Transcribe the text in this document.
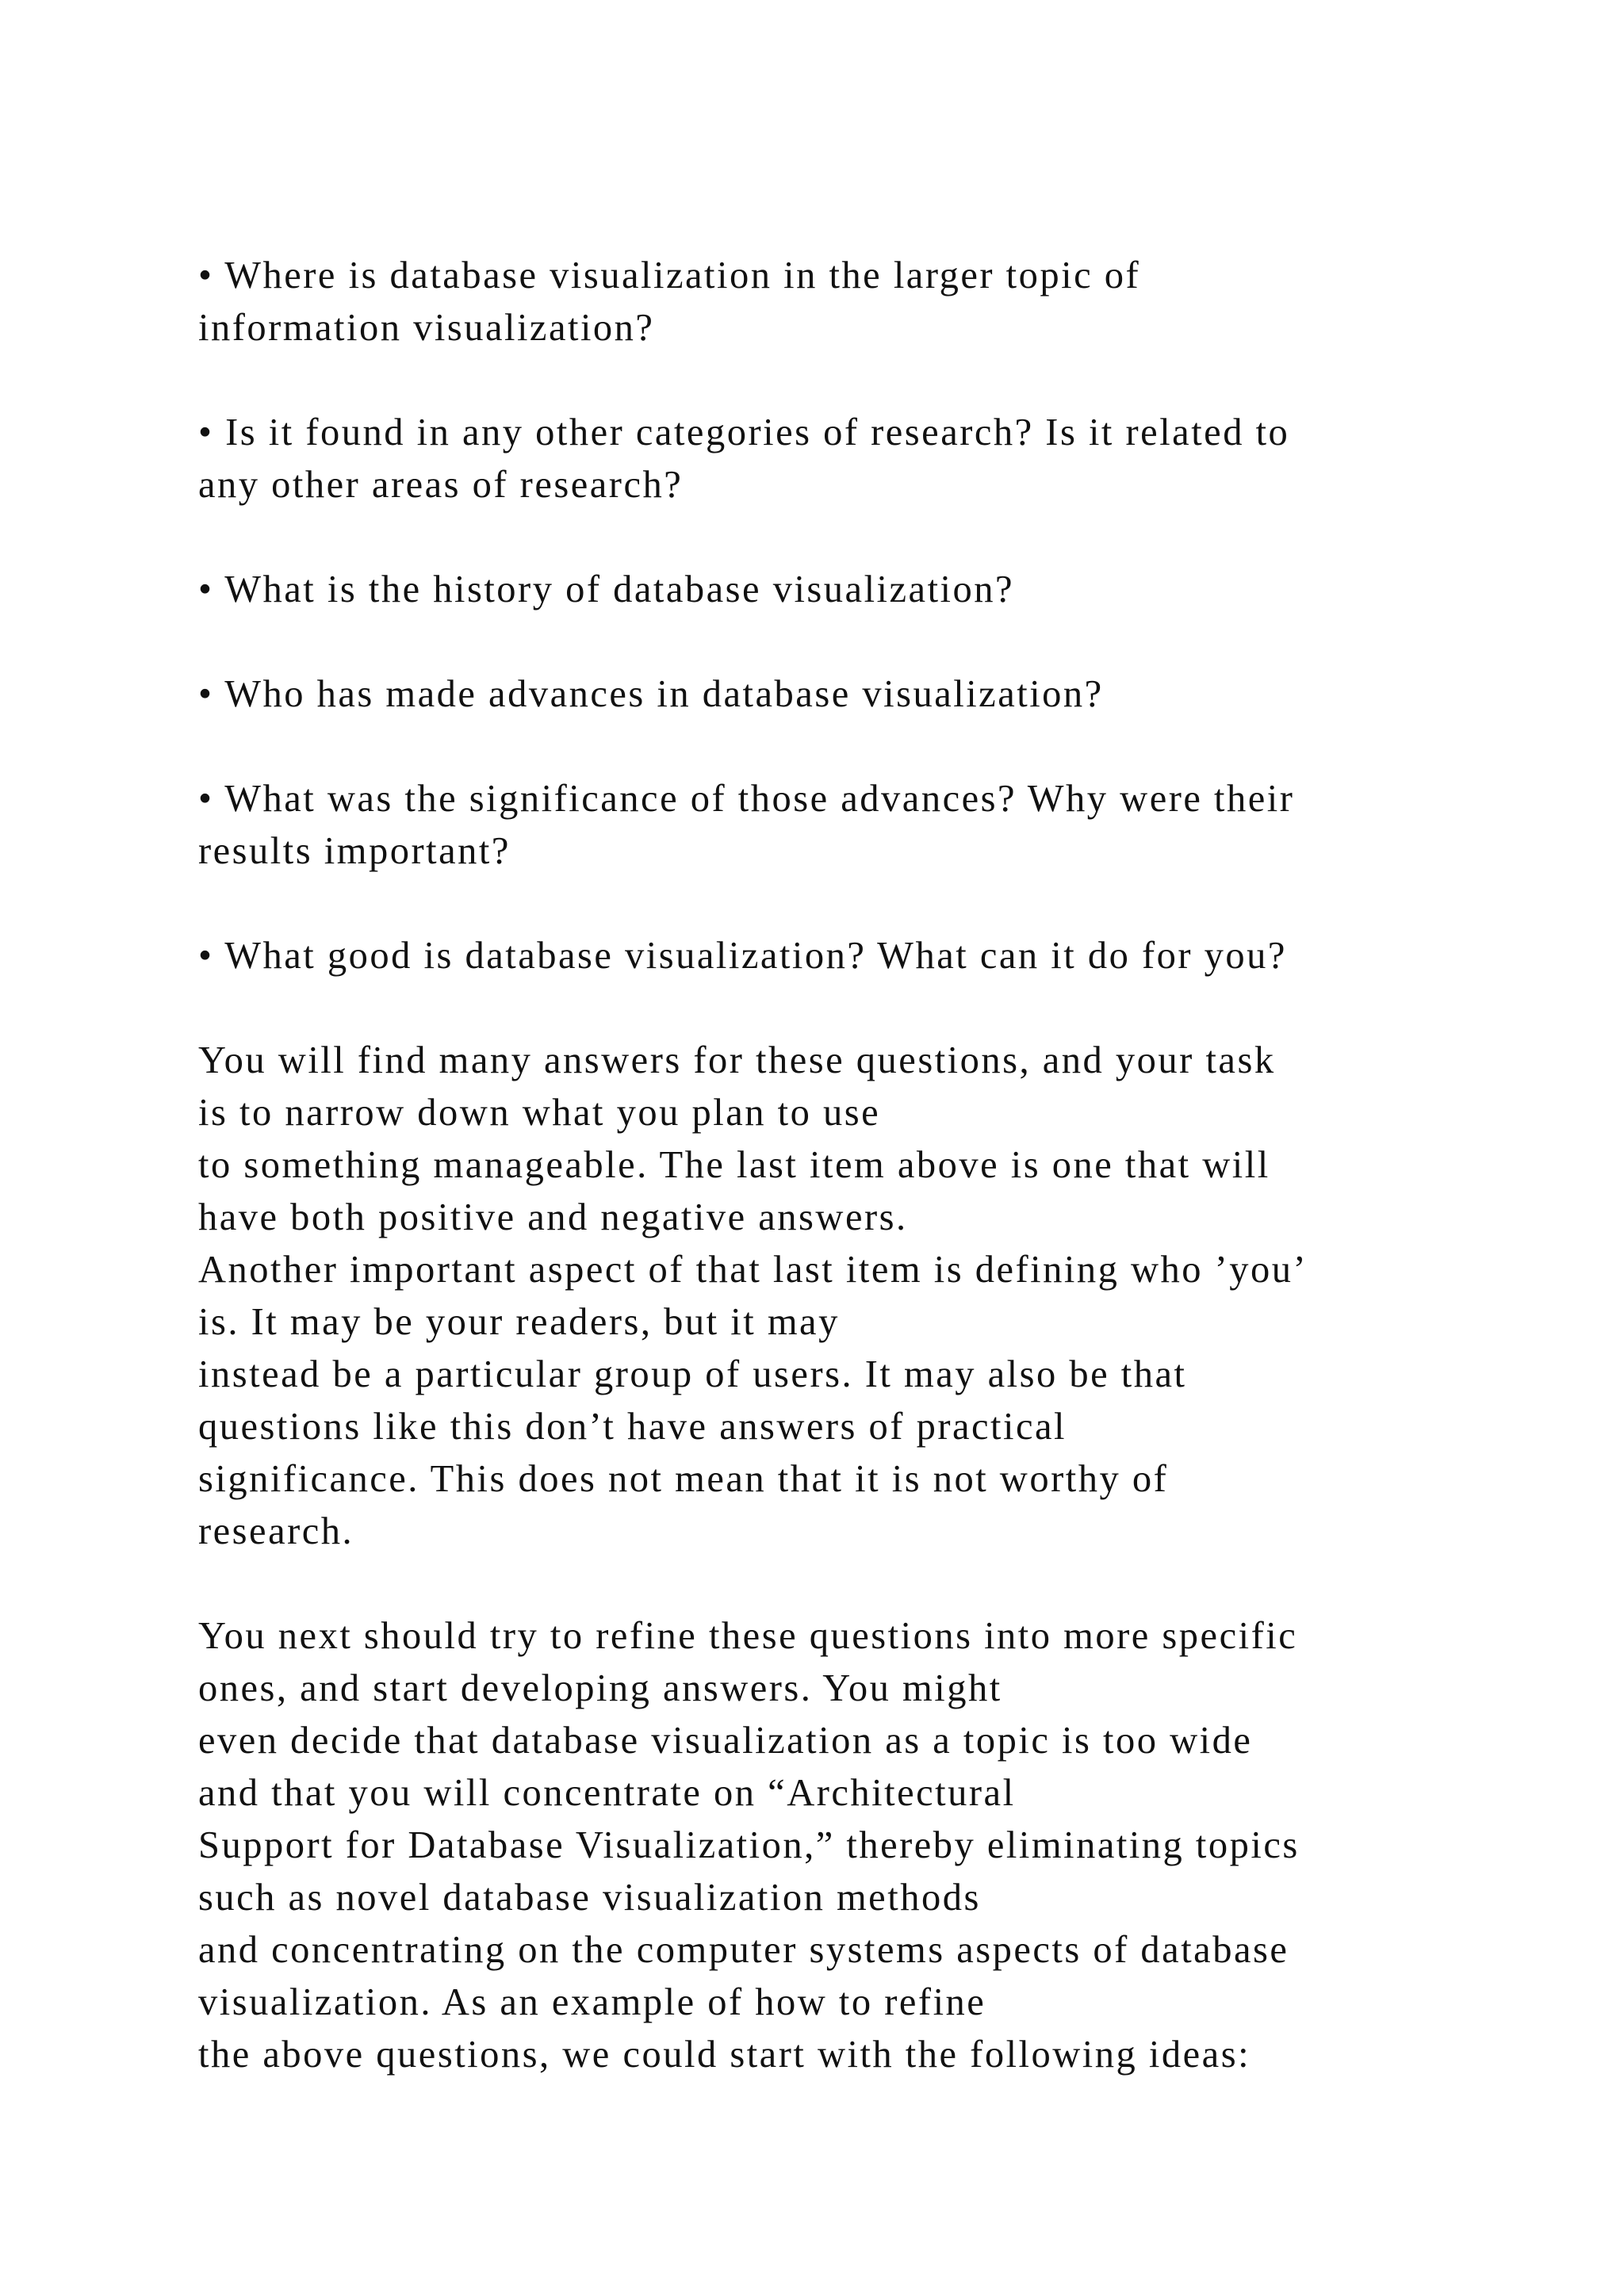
• Where is database visualization in the larger topic of
information visualization?
• Is it found in any other categories of research? Is it related to
any other areas of research?
• What is the history of database visualization?
• Who has made advances in database visualization?
• What was the significance of those advances? Why were their
results important?
• What good is database visualization? What can it do for you?
You will find many answers for these questions, and your task
is to narrow down what you plan to use
to something manageable. The last item above is one that will
have both positive and negative answers.
Another important aspect of that last item is defining who ’you’
is. It may be your readers, but it may
instead be a particular group of users. It may also be that
questions like this don’t have answers of practical
significance. This does not mean that it is not worthy of
research.
You next should try to refine these questions into more specific
ones, and start developing answers. You might
even decide that database visualization as a topic is too wide
and that you will concentrate on “Architectural
Support for Database Visualization,” thereby eliminating topics
such as novel database visualization methods
and concentrating on the computer systems aspects of database
visualization. As an example of how to refine
the above questions, we could start with the following ideas:
